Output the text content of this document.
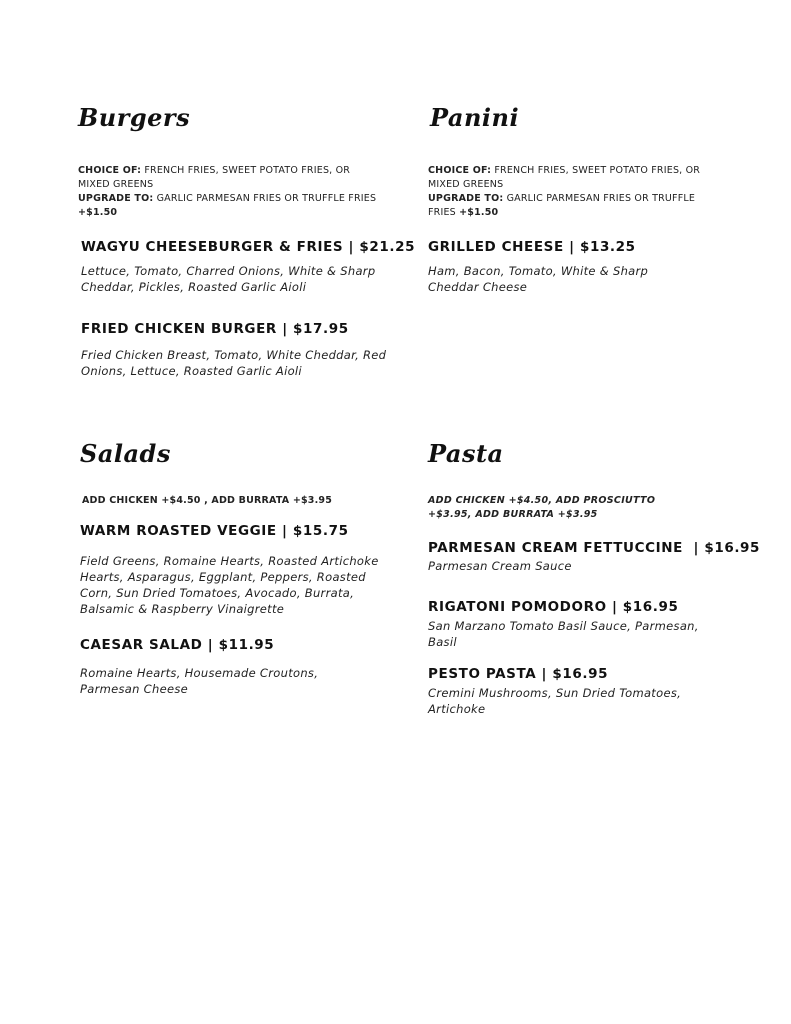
Burgers
CHOICE OF: FRENCH FRIES, SWEET POTATO FRIES, OR MIXED GREENS
UPGRADE TO: GARLIC PARMESAN FRIES OR TRUFFLE FRIES +$1.50
WAGYU CHEESEBURGER & FRIES | $21.25
Lettuce, Tomato, Charred Onions, White & Sharp Cheddar, Pickles, Roasted Garlic Aioli
FRIED CHICKEN BURGER | $17.95
Fried Chicken Breast, Tomato, White Cheddar, Red Onions, Lettuce, Roasted Garlic Aioli
Panini
CHOICE OF: FRENCH FRIES, SWEET POTATO FRIES, OR MIXED GREENS
UPGRADE TO: GARLIC PARMESAN FRIES OR TRUFFLE FRIES +$1.50
GRILLED CHEESE | $13.25
Ham, Bacon, Tomato, White & Sharp Cheddar Cheese
Salads
ADD CHICKEN +$4.50 , ADD BURRATA +$3.95
WARM ROASTED VEGGIE | $15.75
Field Greens, Romaine Hearts, Roasted Artichoke Hearts, Asparagus, Eggplant, Peppers, Roasted Corn, Sun Dried Tomatoes, Avocado, Burrata, Balsamic & Raspberry Vinaigrette
CAESAR SALAD | $11.95
Romaine Hearts, Housemade Croutons, Parmesan Cheese
Pasta
ADD CHICKEN +$4.50, ADD PROSCIUTTO +$3.95, ADD BURRATA +$3.95
PARMESAN CREAM FETTUCCINE  | $16.95
Parmesan Cream Sauce
RIGATONI POMODORO | $16.95
San Marzano Tomato Basil Sauce, Parmesan, Basil
PESTO PASTA | $16.95
Cremini Mushrooms, Sun Dried Tomatoes, Artichoke
